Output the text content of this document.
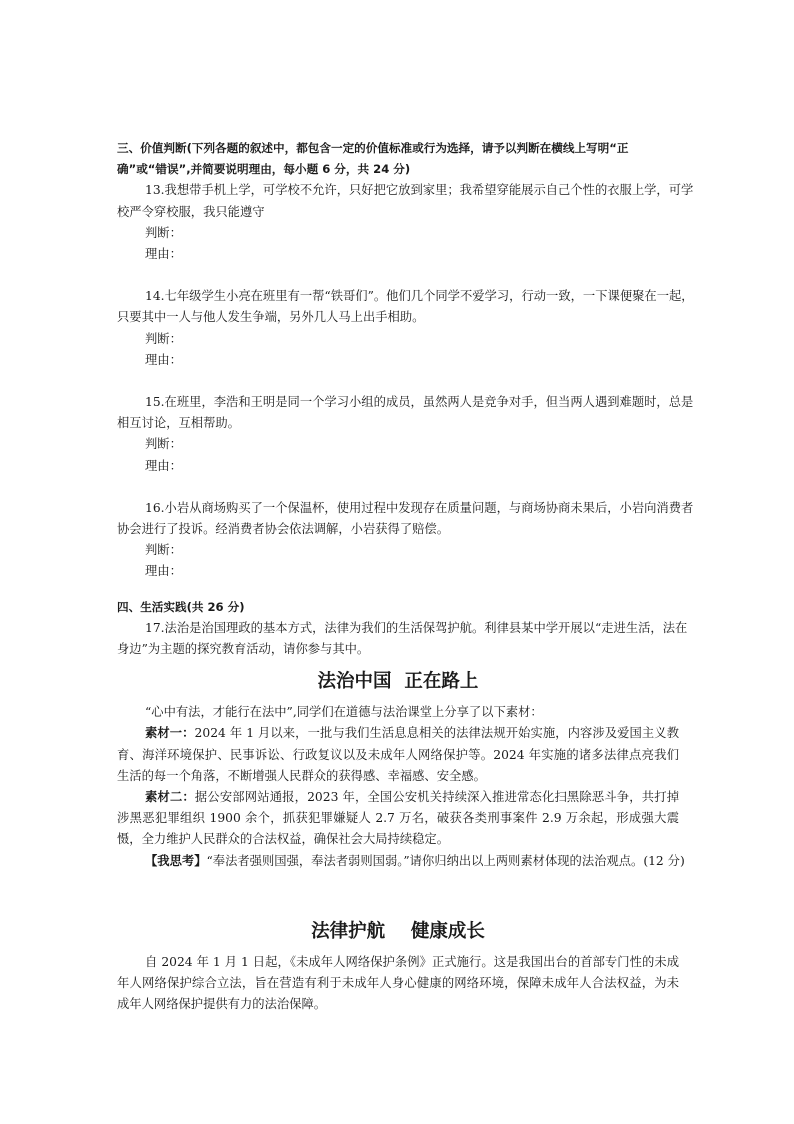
三、价值判断(下列各题的叙述中，都包含一定的价值标准或行为选择，请予以判断在横线上写明“正

确”或“错误”,并简要说明理由，每小题 6 分，共 24 分)

13.我想带手机上学，可学校不允许，只好把它放到家里；我希望穿能展示自己个性的衣服上学，可学

校严令穿校服，我只能遵守

判断：

理由：

14.七年级学生小亮在班里有一帮“铁哥们”。他们几个同学不爱学习，行动一致，一下课便聚在一起，

只要其中一人与他人发生争端，另外几人马上出手相助。

判断：

理由：

15.在班里，李浩和王明是同一个学习小组的成员，虽然两人是竞争对手，但当两人遇到难题时，总是

相互讨论，互相帮助。

判断：

理由：

16.小岩从商场购买了一个保温杯，使用过程中发现存在质量问题，与商场协商未果后，小岩向消费者

协会进行了投诉。经消费者协会依法调解，小岩获得了赔偿。

判断：

理由：

四、生活实践(共 26 分)

17.法治是治国理政的基本方式，法律为我们的生活保驾护航。利律县某中学开展以“走进生活，法在

身边”为主题的探究教育活动，请你参与其中。

法治中国  正在路上

“心中有法，才能行在法中”,同学们在道德与法治课堂上分享了以下素材：

素材一：2024 年 1 月以来，一批与我们生活息息相关的法律法规开始实施，内容涉及爱国主义教育、海洋环境保护、民事诉讼、行政复议以及未成年人网络保护等。2024 年实施的诸多法律点亮我们生活的每一个角落，不断增强人民群众的获得感、幸福感、安全感。

素材二：据公安部网站通报，2023 年，全国公安机关持续深入推进常态化扫黑除恶斗争，共打掉涉黑恶犯罪组织 1900 余个，抓获犯罪嫌疑人 2.7 万名，破获各类刑事案件 2.9 万余起，形成强大震慑，全力维护人民群众的合法权益，确保社会大局持续稳定。

【我思考】“奉法者强则国强，奉法者弱则国弱。”请你归纳出以上两则素材体现的法治观点。(12 分)

法律护航    健康成长

自 2024 年 1 月 1 日起，《未成年人网络保护条例》正式施行。这是我国出台的首部专门性的未成年人网络保护综合立法，旨在营造有利于未成年人身心健康的网络环境，保障未成年人合法权益，为未成年人网络保护提供有力的法治保障。
